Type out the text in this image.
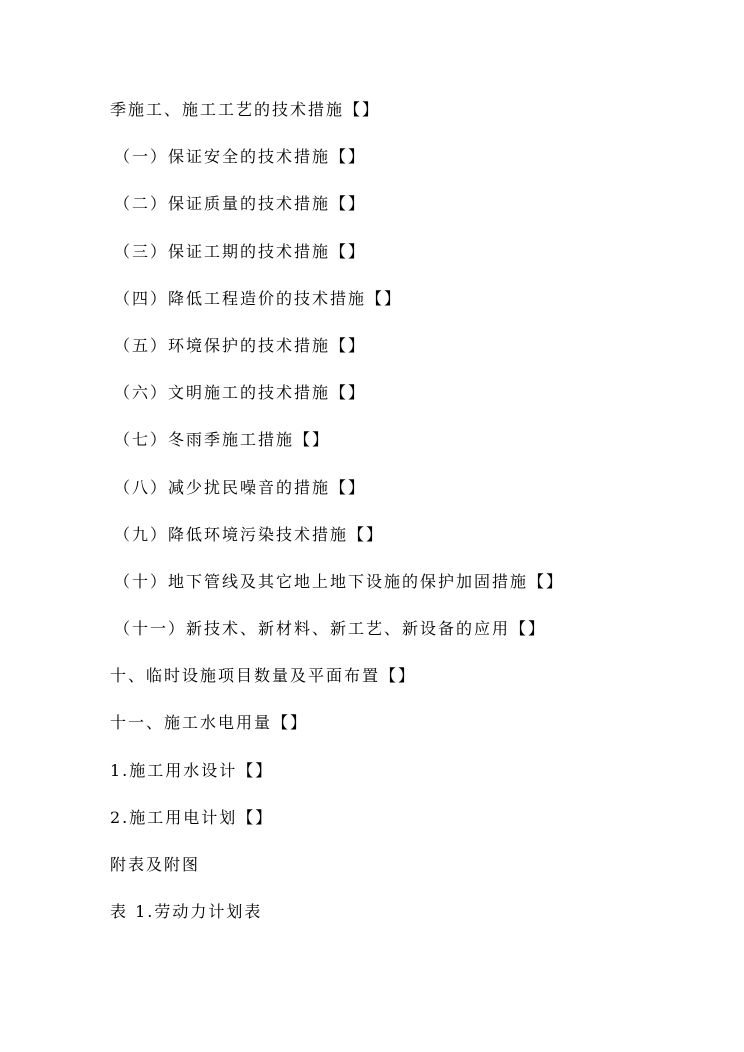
季施工、施工工艺的技术措施【】
（一）保证安全的技术措施【】
（二）保证质量的技术措施【】
（三）保证工期的技术措施【】
（四）降低工程造价的技术措施【】
（五）环境保护的技术措施【】
（六）文明施工的技术措施【】
（七）冬雨季施工措施【】
（八）减少扰民噪音的措施【】
（九）降低环境污染技术措施【】
（十）地下管线及其它地上地下设施的保护加固措施【】
（十一）新技术、新材料、新工艺、新设备的应用【】
十、临时设施项目数量及平面布置【】
十一、施工水电用量【】
1.施工用水设计【】
2.施工用电计划【】
附表及附图
表 1.劳动力计划表
